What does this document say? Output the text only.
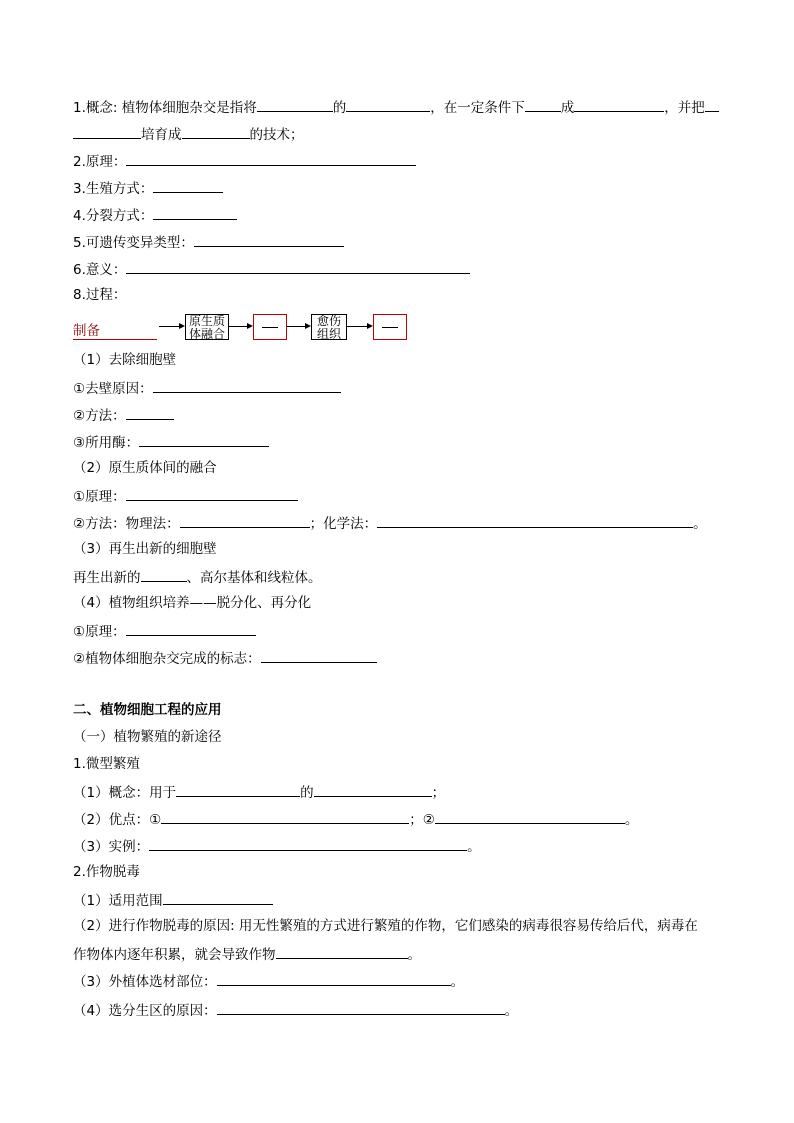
1.概念: 植物体细胞杂交是指将	的	，在一定条件下	成	，并把
培育成	的技术；
2.原理：
3.生殖方式：
4.分裂方式：
5.可遗传变异类型：
6.意义：
8.过程：
制备
原生质
体融合
愈伤
组织
（1）去除细胞壁
①去壁原因：
②方法：
③所用酶：
（2）原生质体间的融合
①原理：
②方法：物理法：	；化学法：	。
（3）再生出新的细胞壁
再生出新的	、高尔基体和线粒体。
（4）植物组织培养——脱分化、再分化
①原理：
②植物体细胞杂交完成的标志：
二、植物细胞工程的应用
（一）植物繁殖的新途径
1.微型繁殖
（1）概念：用于	的	；
（2）优点：①	；②	。
（3）实例：	。
2.作物脱毒
（1）适用范围
（2）进行作物脱毒的原因: 用无性繁殖的方式进行繁殖的作物，它们感染的病毒很容易传给后代，病毒在
作物体内逐年积累，就会导致作物	。
（3）外植体选材部位：	。
（4）选分生区的原因：	。
